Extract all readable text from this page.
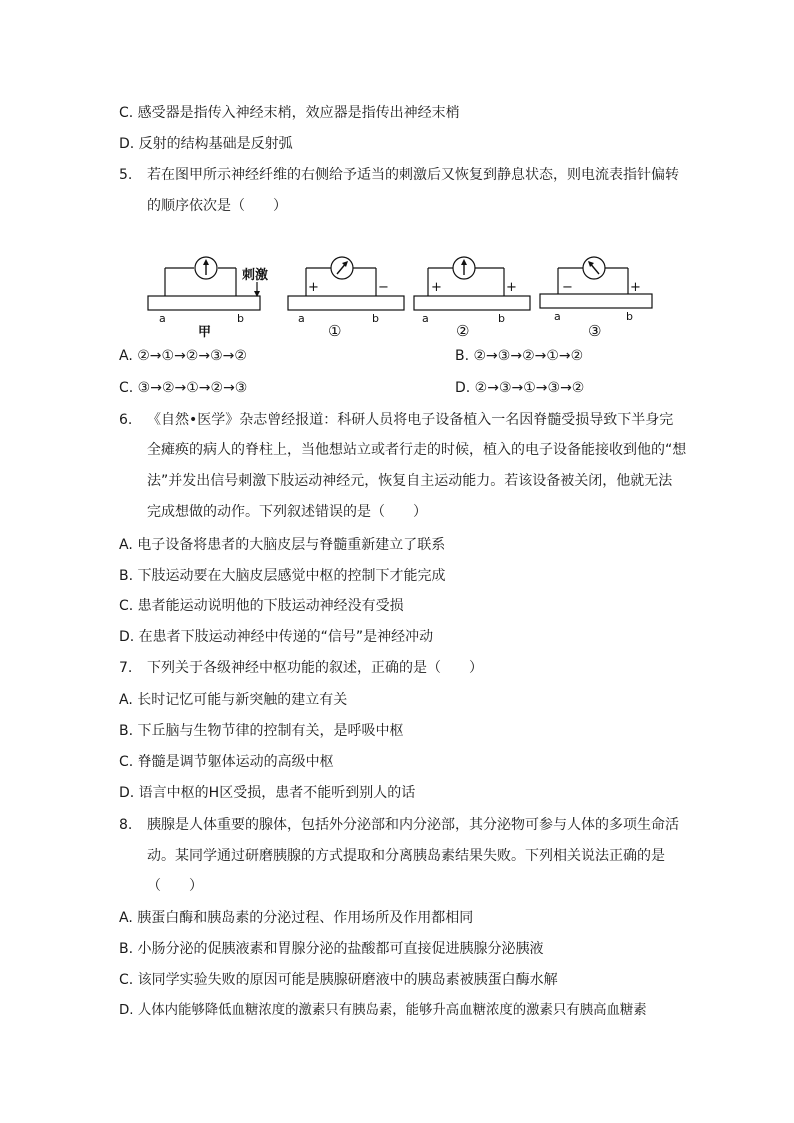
C. 感受器是指传入神经末梢，效应器是指传出神经末梢
D. 反射的结构基础是反射弧
5. 若在图甲所示神经纤维的右侧给予适当的刺激后又恢复到静息状态，则电流表指针偏转
的顺序依次是（　　）
刺激
a	b
甲
+	−
a	b
①
+	+
a	b
②
−	+
a	b
③
A. ②→①→②→③→②	B. ②→③→②→①→②
C. ③→②→①→②→③	D. ②→③→①→③→②
6. 《自然•医学》杂志曾经报道：科研人员将电子设备植入一名因脊髓受损导致下半身完
全瘫痪的病人的脊柱上，当他想站立或者行走的时候，植入的电子设备能接收到他的“想
法”并发出信号刺激下肢运动神经元，恢复自主运动能力。若该设备被关闭，他就无法
完成想做的动作。下列叙述错误的是（　　）
A. 电子设备将患者的大脑皮层与脊髓重新建立了联系
B. 下肢运动要在大脑皮层感觉中枢的控制下才能完成
C. 患者能运动说明他的下肢运动神经没有受损
D. 在患者下肢运动神经中传递的“信号”是神经冲动
7. 下列关于各级神经中枢功能的叙述，正确的是（　　）
A. 长时记忆可能与新突触的建立有关
B. 下丘脑与生物节律的控制有关，是呼吸中枢
C. 脊髓是调节躯体运动的高级中枢
D. 语言中枢的H区受损，患者不能听到别人的话
8. 胰腺是人体重要的腺体，包括外分泌部和内分泌部，其分泌物可参与人体的多项生命活
动。某同学通过研磨胰腺的方式提取和分离胰岛素结果失败。下列相关说法正确的是
（　　）
A. 胰蛋白酶和胰岛素的分泌过程、作用场所及作用都相同
B. 小肠分泌的促胰液素和胃腺分泌的盐酸都可直接促进胰腺分泌胰液
C. 该同学实验失败的原因可能是胰腺研磨液中的胰岛素被胰蛋白酶水解
D. 人体内能够降低血糖浓度的激素只有胰岛素，能够升高血糖浓度的激素只有胰高血糖素
